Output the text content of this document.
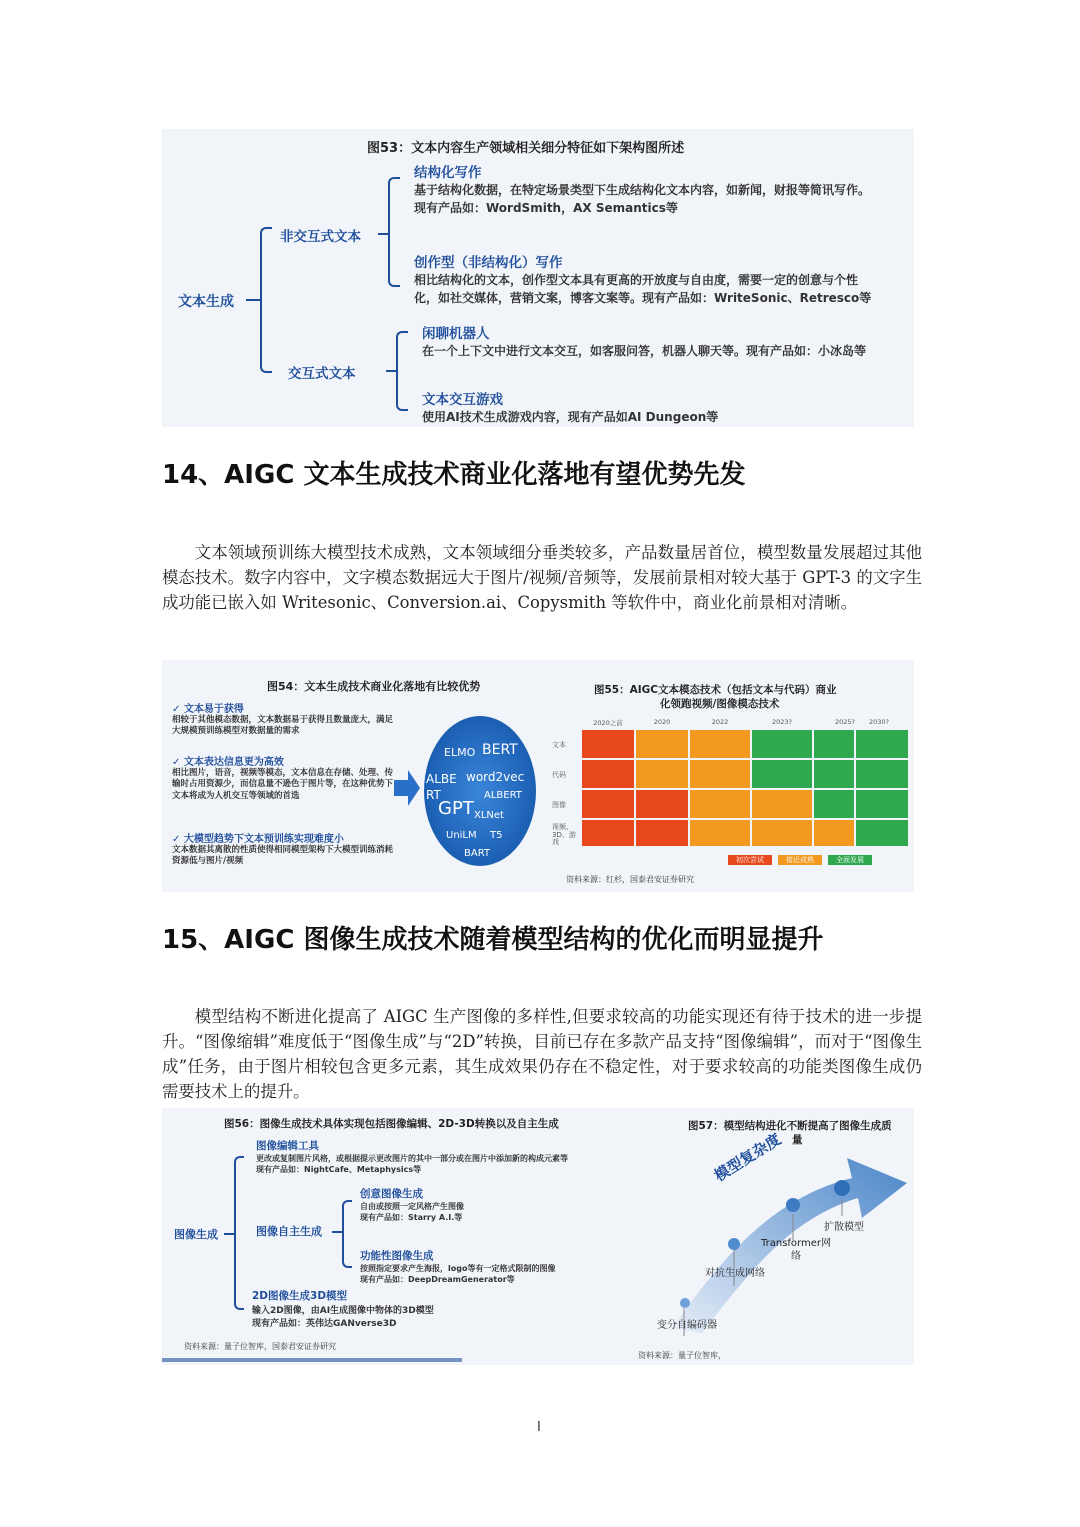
图53：文本内容生产领域相关细分特征如下架构图所述
文本生成
非交互式文本
交互式文本
结构化写作
基于结构化数据，在特定场景类型下生成结构化文本内容，如新闻，财报等简讯写作。
现有产品如：WordSmith，AX Semantics等
创作型（非结构化）写作
相比结构化的文本，创作型文本具有更高的开放度与自由度，需要一定的创意与个性
化，如社交媒体，营销文案，博客文案等。现有产品如：WriteSonic、Retresco等
闲聊机器人
在一个上下文中进行文本交互，如客服问答，机器人聊天等。现有产品如：小冰岛等
文本交互游戏
使用AI技术生成游戏内容，现有产品如AI Dungeon等
14、AIGC 文本生成技术商业化落地有望优势先发

文本领域预训练大模型技术成熟，文本领域细分垂类较多，产品数量居首位，模型数量发展超过其他模态技术。数字内容中，文字模态数据远大于图片/视频/音频等，发展前景相对较大基于 GPT-3 的文字生成功能已嵌入如 Writesonic、Conversion.ai、Copysmith 等软件中，商业化前景相对清晰。

图54：文本生成技术商业化落地有比较优势
✓ 文本易于获得
相较于其他模态数据，文本数据易于获得且数量庞大，满足大规模预训练模型对数据量的需求
✓ 文本表达信息更为高效
相比图片，语音，视频等模态，文本信息在存储、处理、传输时占用资源少，而信息量不逊色于图片等，在这种优势下文本将成为人机交互等领域的首选
✓ 大模型趋势下文本预训练实现难度小
文本数据其离散的性质使得相同模型架构下大模型训练消耗资源低与图片/视频
ELMO BERT
ALBE
RT
word2vec
ALBERT
GPT XLNet
UniLM T5
BART
图55：AIGC文本模态技术（包括文本与代码）商业
化领跑视频/图像模态技术
2020之前	2020	2022	2023?	2025?	2030?
文本
代码
图像
视频、3D、游戏
初次尝试	接近成熟	全面发展
资料来源：红杉，国泰君安证券研究
15、AIGC 图像生成技术随着模型结构的优化而明显提升

模型结构不断进化提高了 AIGC 生产图像的多样性,但要求较高的功能实现还有待于技术的进一步提升。“图像缩辑”难度低于“图像生成”与“2D”转换，目前已存在多款产品支持“图像编辑”，而对于“图像生成”任务，由于图片相较包含更多元素，其生成效果仍存在不稳定性，对于要求较高的功能类图像生成仍需要技术上的提升。

图56：图像生成技术具体实现包括图像编辑、2D-3D转换以及自主生成
图像生成	图像自主生成
图像编辑工具
更改或复制图片风格，或根据提示更改图片的其中一部分或在图片中添加新的构成元素等
现有产品如：NightCafe、Metaphysics等
创意图像生成
自由或按照一定风格产生图像
现有产品如：Starry A.I.等
功能性图像生成
按照指定要求产生海报，logo等有一定格式限制的图像
现有产品如：DeepDreamGenerator等
2D图像生成3D模型
输入2D图像，由AI生成图像中物体的3D模型
现有产品如：英伟达GANverse3D
资料来源：量子位智库，国泰君安证券研究
图57：模型结构进化不断提高了图像生成质
量
模型复杂度
变分自编码器
对抗生成网络
Transformer网络
扩散模型
资料来源：量子位智库，
I
